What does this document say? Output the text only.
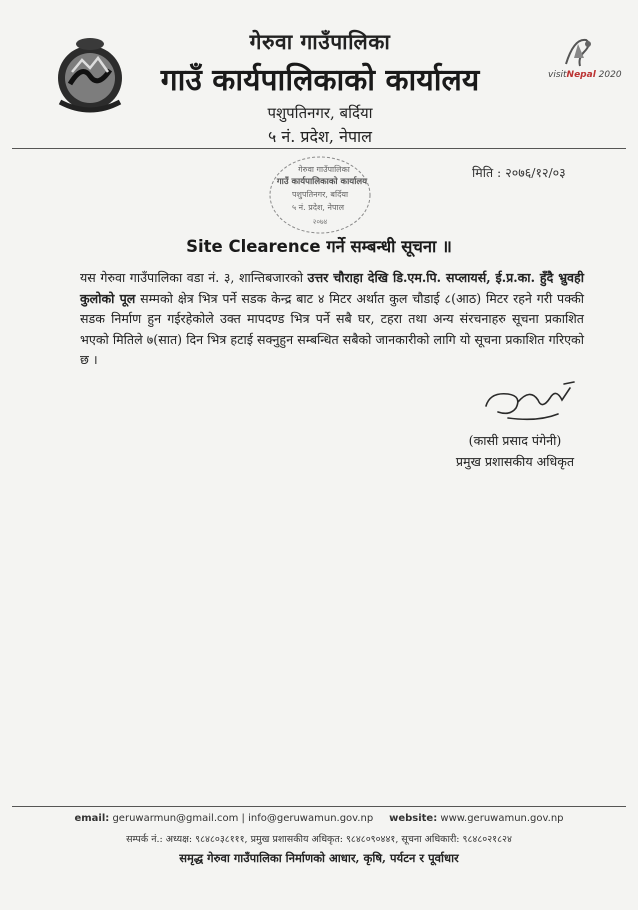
visitNepal 2020
गेरुवा गाउँपालिका
गाउँ कार्यपालिकाको कार्यालय
पशुपतिनगर, बर्दिया
५ नं. प्रदेश, नेपाल
मिति : २०७६/१२/०३
गेरुवा गाउँपालिका
गाउँ कार्यपालिकाको कार्यालय
पशुपतिनगर, बर्दिया
५ नं. प्रदेश, नेपाल
२०७४
Site Clearence गर्ने सम्बन्धी सूचना ॥
यस गेरुवा गाउँपालिका वडा नं. ३, शान्तिबजारको उत्तर चौराहा देखि डि.एम.पि. सप्लायर्स, ई.प्र.का. हुँदै भ्रुवही कुलोको पूल सम्मको क्षेत्र भित्र पर्ने सडक केन्द्र बाट ४ मिटर अर्थात कुल चौडाई ८(आठ) मिटर रहने गरी पक्की सडक निर्माण हुन गईरहेकोले उक्त मापदण्ड भित्र पर्ने सबै घर, टहरा तथा अन्य संरचनाहरु सूचना प्रकाशित भएको मितिले ७(सात) दिन भित्र हटाई सक्नुहुन सम्बन्धित सबैको जानकारीको लागि यो सूचना प्रकाशित गरिएको छ ।
(कासी प्रसाद पंगेनी)
प्रमुख प्रशासकीय अधिकृत
email: geruwarmun@gmail.com | info@geruwamun.gov.np website: www.geruwamun.gov.np
सम्पर्क नं.: अध्यक्ष: ९८४८०३८१११, प्रमुख प्रशासकीय अधिकृत: ९८४८०९०४४१, सूचना अधिकारी: ९८४८०२१८२४
समृद्ध गेरुवा गाउँपालिका निर्माणको आधार, कृषि, पर्यटन र पूर्वाधार
